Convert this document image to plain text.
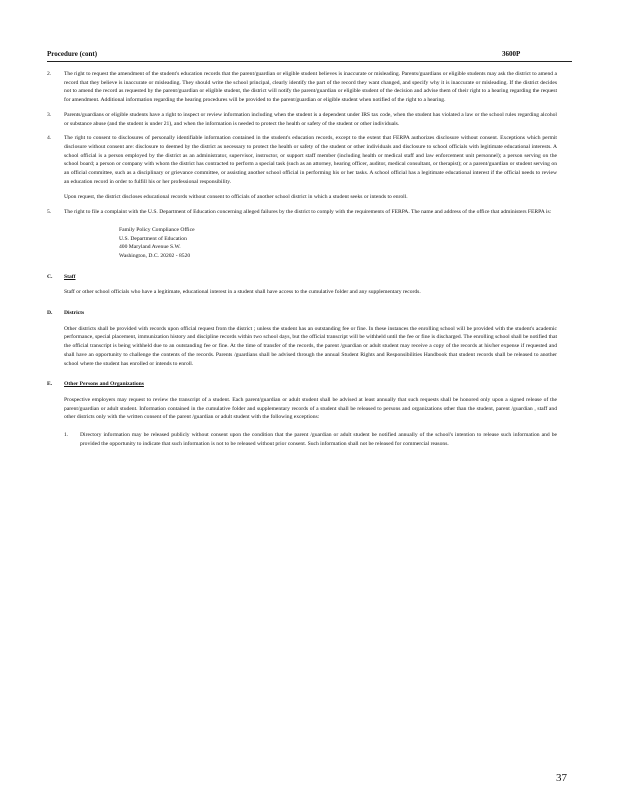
Procedure (cont)	3600P
2. The right to request the amendment of the student's education records that the parent/guardian or eligible student believes is inaccurate or misleading. Parents/guardians or eligible students may ask the district to amend a record that they believe is inaccurate or misleading. They should write the school principal, clearly identify the part of the record they want changed, and specify why it is inaccurate or misleading. If the district decides not to amend the record as requested by the parent/guardian or eligible student, the district will notify the parent/guardian or eligible student of the decision and advise them of their right to a hearing regarding the request for amendment. Additional information regarding the hearing procedures will be provided to the parent/guardian or eligible student when notified of the right to a hearing.

3. Parents/guardians or eligible students have a right to inspect or review information including when the student is a dependent under IRS tax code, when the student has violated a law or the school rules regarding alcohol or substance abuse (and the student is under 21), and when the information is needed to protect the health or safety of the student or other individuals.

4. The right to consent to disclosures of personally identifiable information contained in the student's education records, except to the extent that FERPA authorizes disclosure without consent. Exceptions which permit disclosure without consent are: disclosure to deemed by the district as necessary to protect the health or safety of the student or other individuals and disclosure to school officials with legitimate educational interests. A school official is a person employed by the district as an administrator, supervisor, instructor, or support staff member (including health or medical staff and law enforcement unit personnel); a person serving on the school board; a person or company with whom the district has contracted to perform a special task (such as an attorney, hearing officer, auditor, medical consultant, or therapist); or a parent/guardian or student serving on an official committee, such as a disciplinary or grievance committee, or assisting another school official in performing his or her tasks. A school official has a legitimate educational interest if the official needs to review an education record in order to fulfill his or her professional responsibility.

Upon request, the district discloses educational records without consent to officials of another school district in which a student seeks or intends to enroll.

5. The right to file a complaint with the U.S. Department of Education concerning alleged failures by the district to comply with the requirements of FERPA. The name and address of the office that administers FERPA is:

Family Policy Compliance Office
U.S. Department of Education
400 Maryland Avenue S.W.
Washington, D.C. 20202 - 8520
C. Staff

Staff or other school officials who have a legitimate, educational interest in a student shall have access to the cumulative folder and any supplementary records.

D. Districts

Other districts shall be provided with records upon official request from the district ; unless the student has an outstanding fee or fine. In these instances the enrolling school will be provided with the student's academic performance, special placement, immunization history and discipline records within two school days, but the official transcript will be withheld until the fee or fine is discharged. The enrolling school shall be notified that the official transcript is being withheld due to an outstanding fee or fine. At the time of transfer of the records, the parent /guardian or adult student may receive a copy of the records at his/her expense if requested and shall have an opportunity to challenge the contents of the records. Parents /guardians shall be advised through the annual Student Rights and Responsibilities Handbook that student records shall be released to another school where the student has enrolled or intends to enroll.

E. Other Persons and Organizations

Prospective employers may request to review the transcript of a student. Each parent/guardian or adult student shall be advised at least annually that such requests shall be honored only upon a signed release of the parent/guardian or adult student. Information contained in the cumulative folder and supplementary records of a student shall be released to persons and organizations other than the student, parent /guardian , staff and other districts only with the written consent of the parent /guardian or adult student with the following exceptions:

1. Directory information may be released publicly without consent upon the condition that the parent /guardian or adult student be notified annually of the school's intention to release such information and be provided the opportunity to indicate that such information is not to be released without prior consent. Such information shall not be released for commercial reasons.
37
